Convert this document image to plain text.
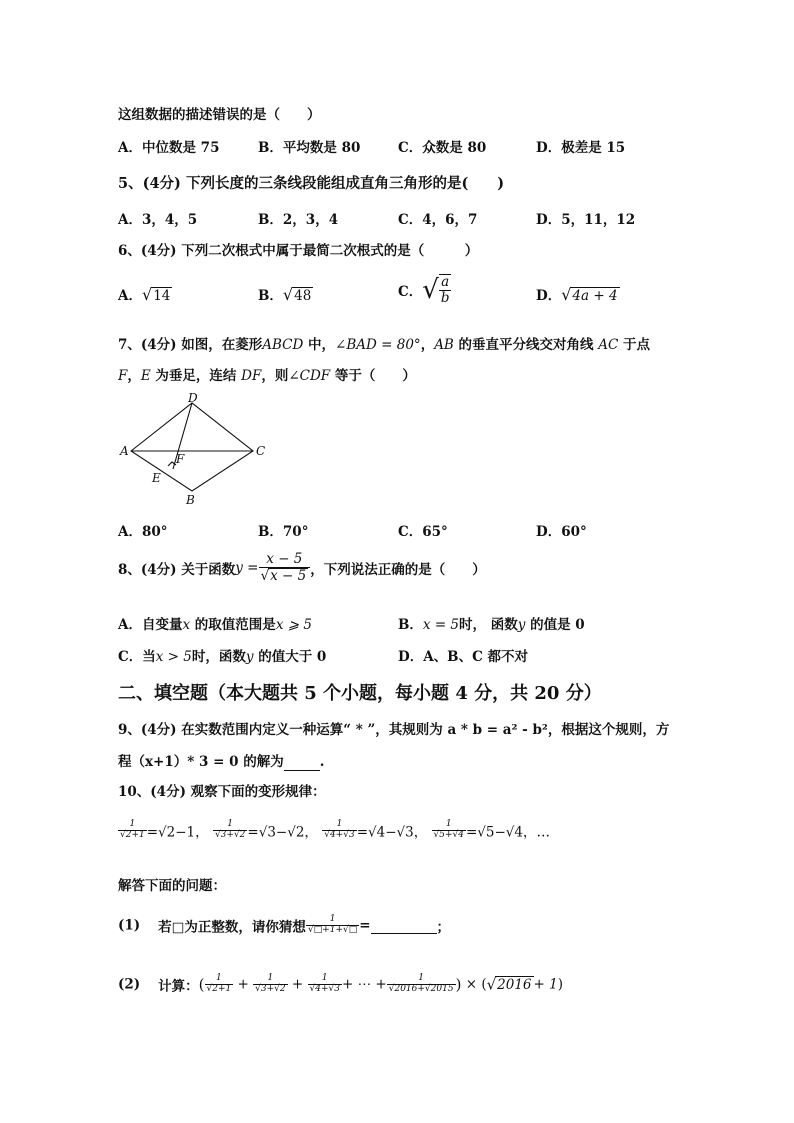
这组数据的描述错误的是（　　）
A．中位数是 75	B．平均数是 80	C．众数是 80	D．极差是 15
5、(4分) 下列长度的三条线段能组成直角三角形的是(　　)
A．3，4，5	B．2，3，4	C．4，6，7	D．5，11，12
6、(4分) 下列二次根式中属于最简二次根式的是（　　　）
A．√14	B．√48	C．√ $\frac{a}{b}$	D．√4a + 4
7、(4分) 如图，在菱形ABCD 中，∠BAD = 80°，AB 的垂直平分线交对角线 AC 于点
F，E 为垂足，连结 DF，则∠CDF 等于（　　）
A
D
C
B
E
F
A．80°	B．70°	C．65°	D．60°
8、(4分) 关于函数$y = \frac{x - 5}{√x - 5}$ ，下列说法正确的是（　　）
A．自变量x 的取值范围是x ⩾ 5	B．x = 5时， 函数y 的值是 0
C．当x > 5时，函数y 的值大于 0	D．A、B、C 都不对
二、填空题（本大题共 5 个小题，每小题 4 分，共 20 分）
9、(4分) 在实数范围内定义一种运算“ * ”，其规则为 a * b = a² - b²，根据这个规则，方
程（x+1）* 3 = 0 的解为	.
10、(4分) 观察下面的变形规律：
$\frac{1}{√2+1} =√2-1$， $\frac{1}{√3+√2} =√3-√2$， $\frac{1}{√4+√3} =√4-√3$， $\frac{1}{√5+√4} =√5-√4$，…
解答下面的问题：
(1) 若□为正整数，请你猜想 $\frac{1}{√□+1+√□}$ =	；
(2) 计算：( $\frac{1}{√2+1} + \frac{1}{√3+√2} + \frac{1}{√4+√3}$ + ⋯ + $\frac{1}{√2016+√2015}$ ) × (√2016 + 1)
